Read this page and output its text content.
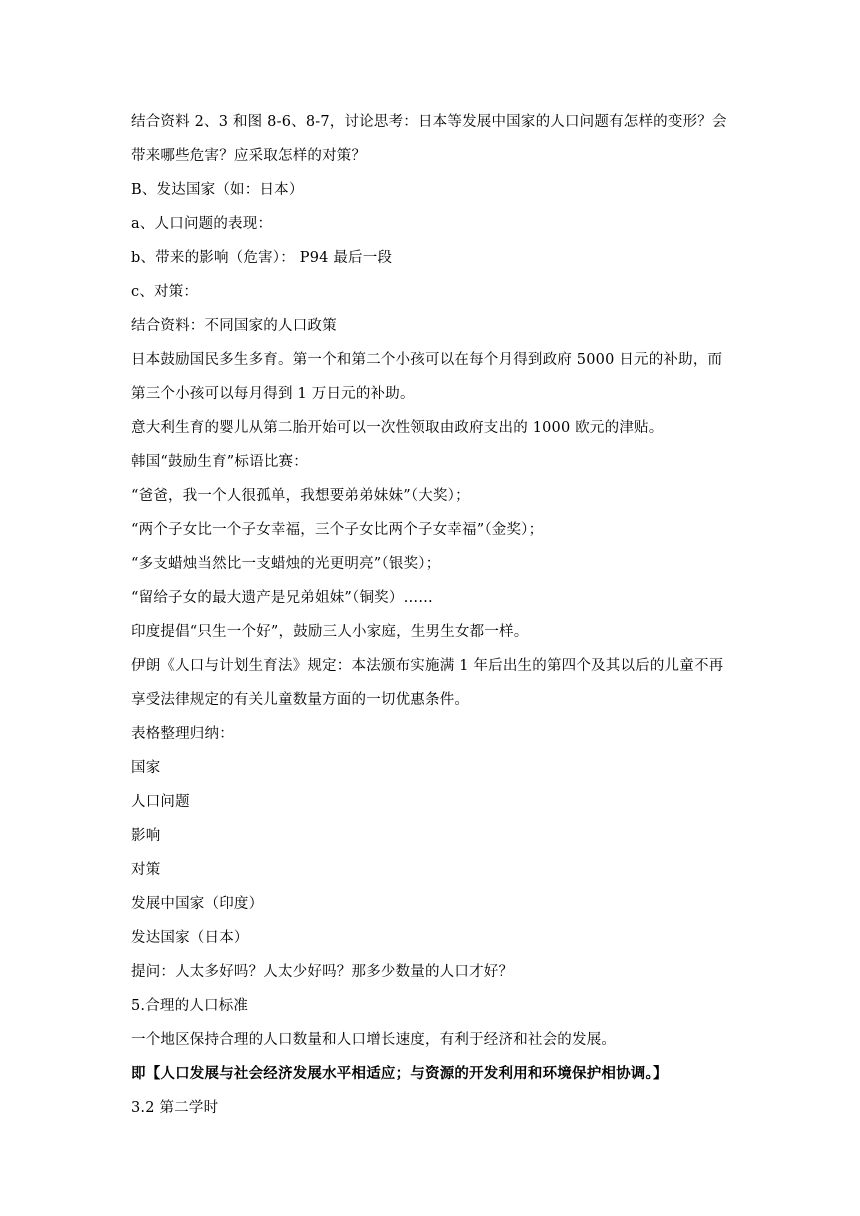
结合资料 2、3 和图 8-6、8-7，讨论思考：日本等发展中国家的人口问题有怎样的变形？会
带来哪些危害？应采取怎样的对策？
B、发达国家（如：日本）
a、人口问题的表现：
b、带来的影响（危害）： P94 最后一段
c、对策：
结合资料：不同国家的人口政策
日本鼓励国民多生多育。第一个和第二个小孩可以在每个月得到政府 5000 日元的补助，而
第三个小孩可以每月得到 1 万日元的补助。
意大利生育的婴儿从第二胎开始可以一次性领取由政府支出的 1000 欧元的津贴。
韩国“鼓励生育”标语比赛：
“爸爸，我一个人很孤单，我想要弟弟妹妹”（大奖）；
“两个子女比一个子女幸福，三个子女比两个子女幸福”（金奖）；
“多支蜡烛当然比一支蜡烛的光更明亮”（银奖）；
“留给子女的最大遗产是兄弟姐妹”（铜奖）……
印度提倡“只生一个好”，鼓励三人小家庭，生男生女都一样。
伊朗《人口与计划生育法》规定：本法颁布实施满 1 年后出生的第四个及其以后的儿童不再
享受法律规定的有关儿童数量方面的一切优惠条件。
表格整理归纳：
国家
人口问题
影响
对策
发展中国家（印度）
发达国家（日本）
提问：人太多好吗？人太少好吗？那多少数量的人口才好？
5.合理的人口标准
一个地区保持合理的人口数量和人口增长速度，有利于经济和社会的发展。
即【人口发展与社会经济发展水平相适应；与资源的开发利用和环境保护相协调。】
3.2 第二学时
